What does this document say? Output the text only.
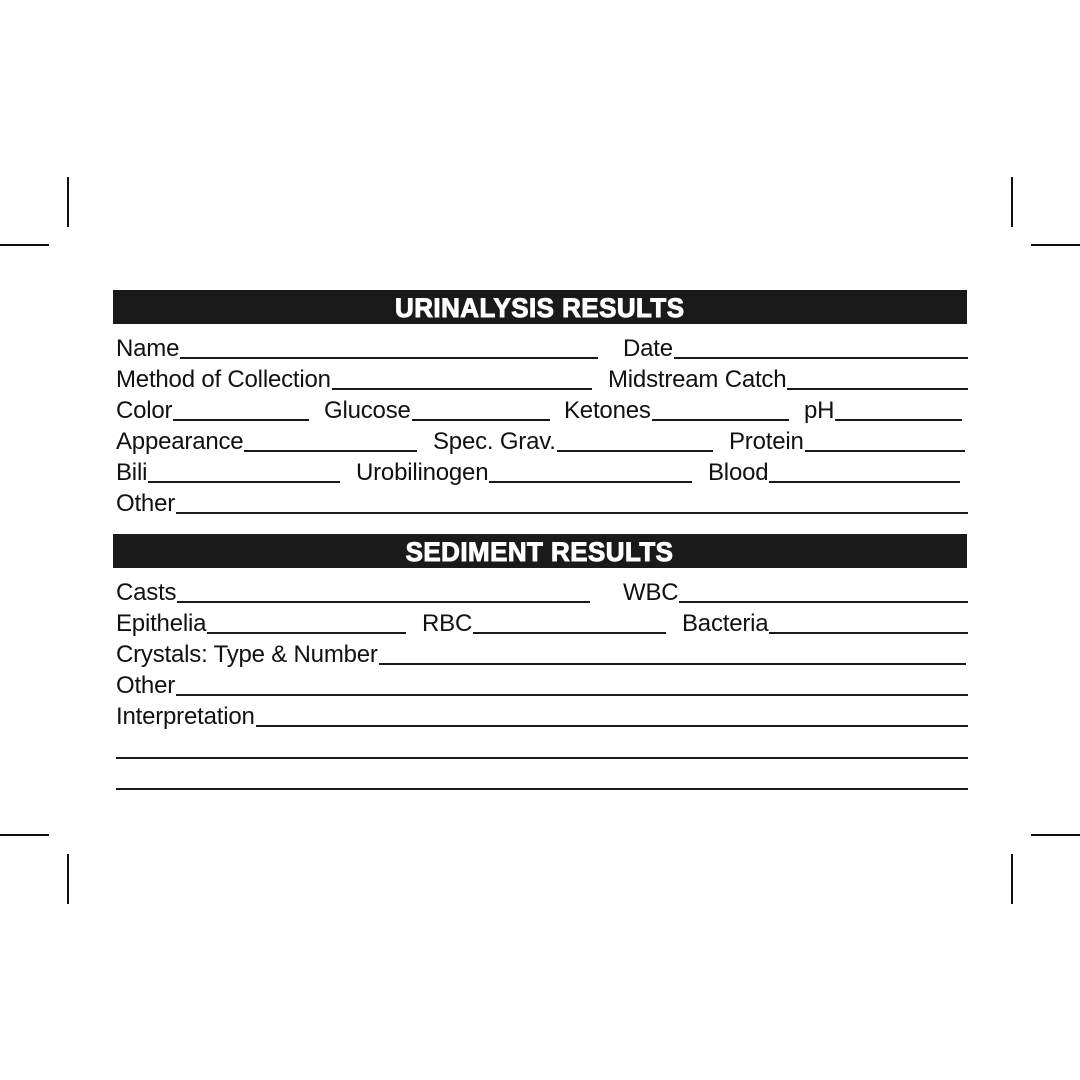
URINALYSIS RESULTS
Name	Date
Method of Collection	Midstream Catch
Color	Glucose	Ketones	pH
Appearance	Spec. Grav.	Protein
Bili	Urobilinogen	Blood
Other
SEDIMENT RESULTS
Casts	WBC
Epithelia	RBC	Bacteria
Crystals: Type & Number
Other
Interpretation
